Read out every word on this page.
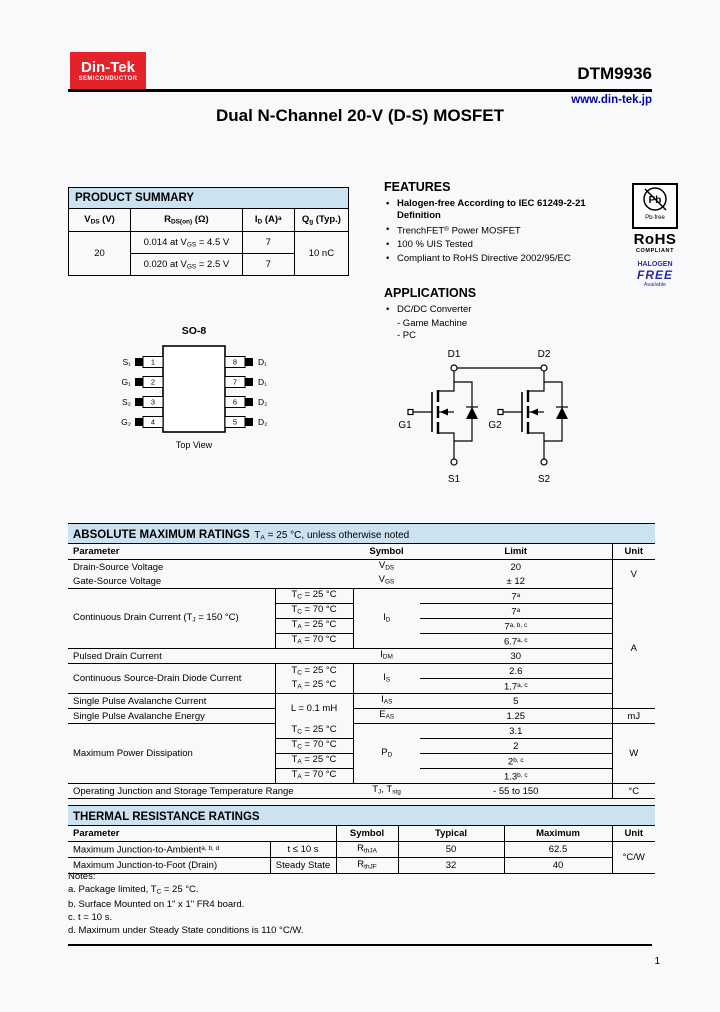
Din-Tek
SEMICONDUCTOR	DTM9936
www.din-tek.jp
Dual N-Channel 20-V (D-S) MOSFET
PRODUCT SUMMARY			
$V_{DS}$ (V)	$R_{DS(on)}$ (Ω)	$I_D$ $(A)^a$	$Q_g$ (Typ.)
20	0.014 at $V_{GS} = 4.5$ V	7	10 nC
	0.020 at $V_{GS} = 2.5$ V	7	
FEATURES
• Halogen-free According to IEC 61249-2-21 Definition
• TrenchFET® Power MOSFET
• 100 % UIS Tested
• Compliant to RoHS Directive 2002/95/EC
Pb
Pb-free
RoHS
COMPLIANT
HALOGEN
FREE
Available
APPLICATIONS
• DC/DC Converter
- Game Machine
- PC
SO-8
1
S₁
2
G₁
3
S₂
4
G₂
8 D₁
7 D₁
6 D₂
5 D₂
Top View
D1	D2
G1	G2
S1	S2
ABSOLUTE MAXIMUM RATINGS $T_A = 25$ °C, unless otherwise noted
Parameter		Symbol	Limit	Unit
Drain-Source Voltage		$V_{DS}$	20	V
Gate-Source Voltage		$V_{GS}$	± 12	
Continuous Drain Current ($T_J = 150$ °C)	$T_C = 25$ °C	$I_D$	7$^a$	A
	$T_C = 70$ °C		7$^a$
	$T_A = 25$ °C		7$^{a, b, c}$
	$T_A = 70$ °C		6.7$^{a, c}$
Pulsed Drain Current		$I_{DM}$	30	
Continuous Source-Drain Diode Current	$T_C = 25$ °C	$I_S$	2.6	
	$T_A = 25$ °C		1.7$^{a, c}$
Single Pulse Avalanche Current	L = 0.1 mH	$I_{AS}$	5	
Single Pulse Avalanche Energy		$E_{AS}$	1.25	mJ
Maximum Power Dissipation	$T_C = 25$ °C	$P_D$	3.1	W
	$T_C = 70$ °C		2	
	$T_A = 25$ °C		2$^{b, c}$
	$T_A = 70$ °C		1.3$^{b, c}$
Operating Junction and Storage Temperature Range		$T_J$, $T_{stg}$	- 55 to 150	°C
THERMAL RESISTANCE RATINGS
Parameter		Symbol	Typical	Maximum	Unit
Maximum Junction-to-Ambient$^{a, b, d}$	t ≤ 10 s	$R_{thJA}$	50	62.5	°C/W
Maximum Junction-to-Foot (Drain)	Steady State	$R_{thJF}$	32	40	
Notes:
a. Package limited, $T_C = 25$ °C.
b. Surface Mounted on 1" x 1" FR4 board.
c. t = 10 s.
d. Maximum under Steady State conditions is 110 °C/W.
1
